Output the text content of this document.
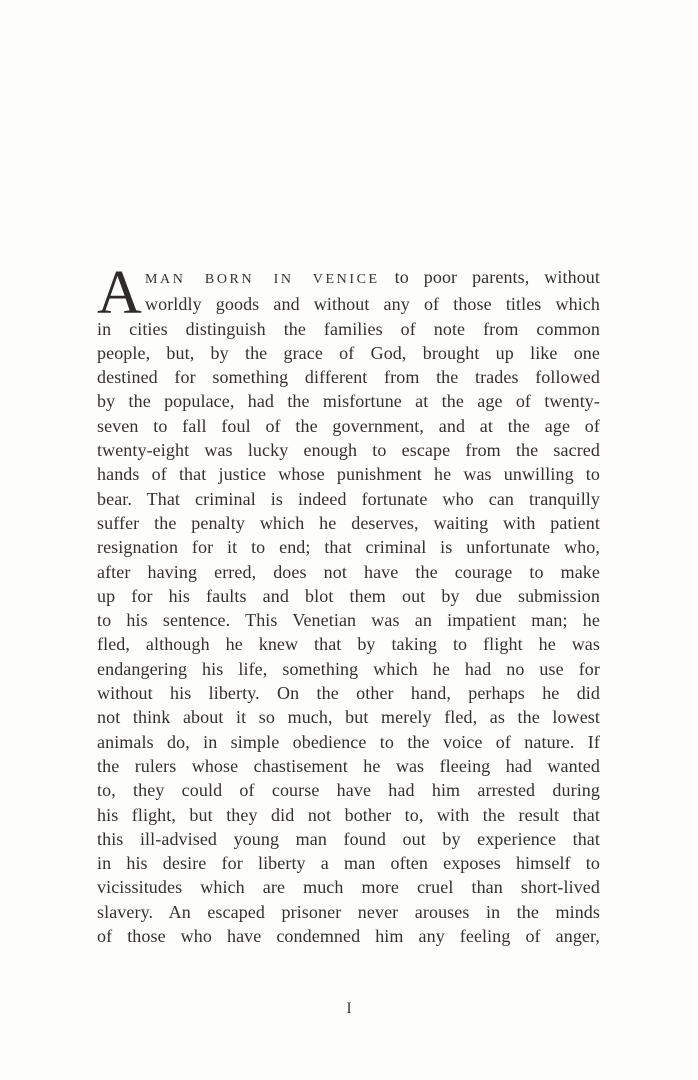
A MAN BORN IN VENICE to poor parents, without
worldly goods and without any of those titles which
in cities distinguish the families of note from common
people, but, by the grace of God, brought up like one
destined for something different from the trades followed
by the populace, had the misfortune at the age of twenty-
seven to fall foul of the government, and at the age of
twenty-eight was lucky enough to escape from the sacred
hands of that justice whose punishment he was unwilling to
bear. That criminal is indeed fortunate who can tranquilly
suffer the penalty which he deserves, waiting with patient
resignation for it to end; that criminal is unfortunate who,
after having erred, does not have the courage to make
up for his faults and blot them out by due submission
to his sentence. This Venetian was an impatient man; he
fled, although he knew that by taking to flight he was
endangering his life, something which he had no use for
without his liberty. On the other hand, perhaps he did
not think about it so much, but merely fled, as the lowest
animals do, in simple obedience to the voice of nature. If
the rulers whose chastisement he was fleeing had wanted
to, they could of course have had him arrested during
his flight, but they did not bother to, with the result that
this ill-advised young man found out by experience that
in his desire for liberty a man often exposes himself to
vicissitudes which are much more cruel than short-lived
slavery. An escaped prisoner never arouses in the minds
of those who have condemned him any feeling of anger,
I
